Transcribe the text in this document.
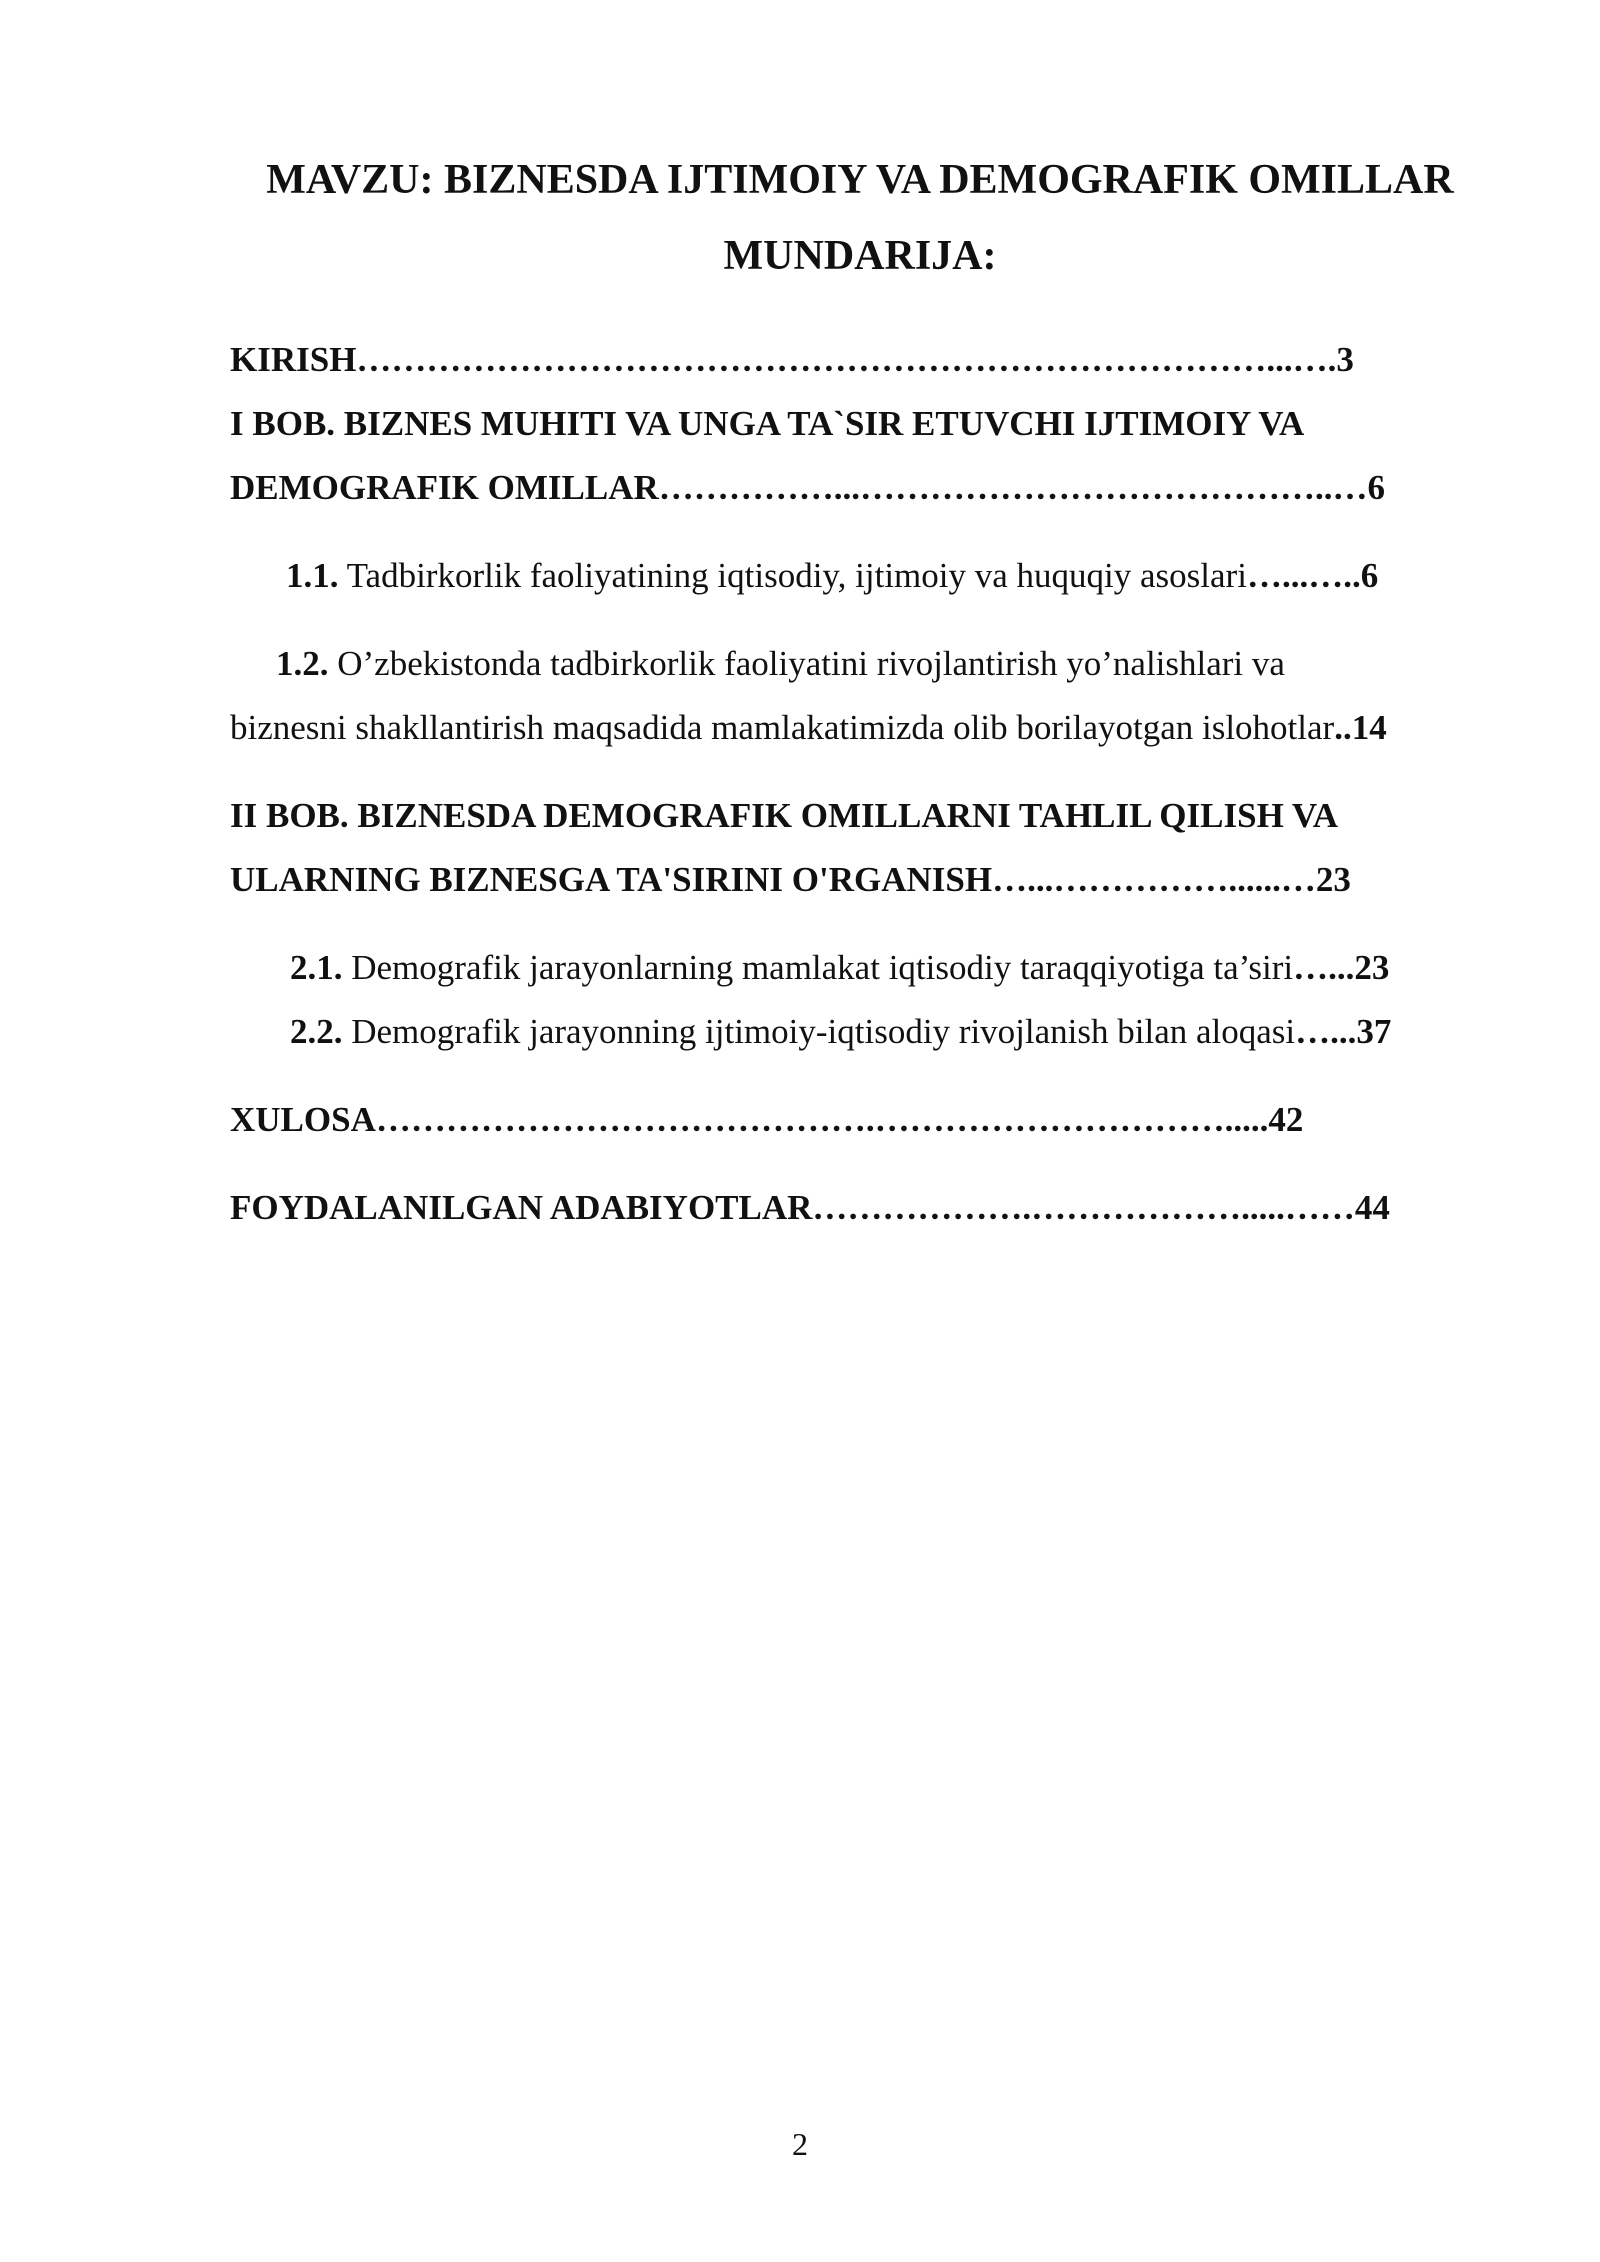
MAVZU: BIZNESDA IJTIMOIY VA DEMOGRAFIK OMILLAR
MUNDARIJA:
KIRISH……………………………………………………………………...….3
I BOB. BIZNES MUHITI VA UNGA TA`SIR ETUVCHI IJTIMOIY VA
DEMOGRAFIK OMILLAR……………...…………………………………..…6
1.1. Tadbirkorlik faoliyatining iqtisodiy, ijtimoiy va huquqiy asoslari…...…..6
1.2. O’zbekistonda tadbirkorlik faoliyatini rivojlantirish yo’nalishlari va
biznesni shakllantirish maqsadida mamlakatimizda olib borilayotgan islohotlar..14
II BOB. BIZNESDA DEMOGRAFIK OMILLARNI TAHLIL QILISH VA
ULARNING BIZNESGA TA'SIRINI O'RGANISH…...……………......…23
2.1. Demografik jarayonlarning mamlakat iqtisodiy taraqqiyotiga ta’siri…...23
2.2. Demografik jarayonning ijtimoiy-iqtisodiy rivojlanish bilan aloqasi…...37
XULOSA…………………………………….………………………….....42
FOYDALANILGAN ADABIYOTLAR……………….……………….....……44
2
